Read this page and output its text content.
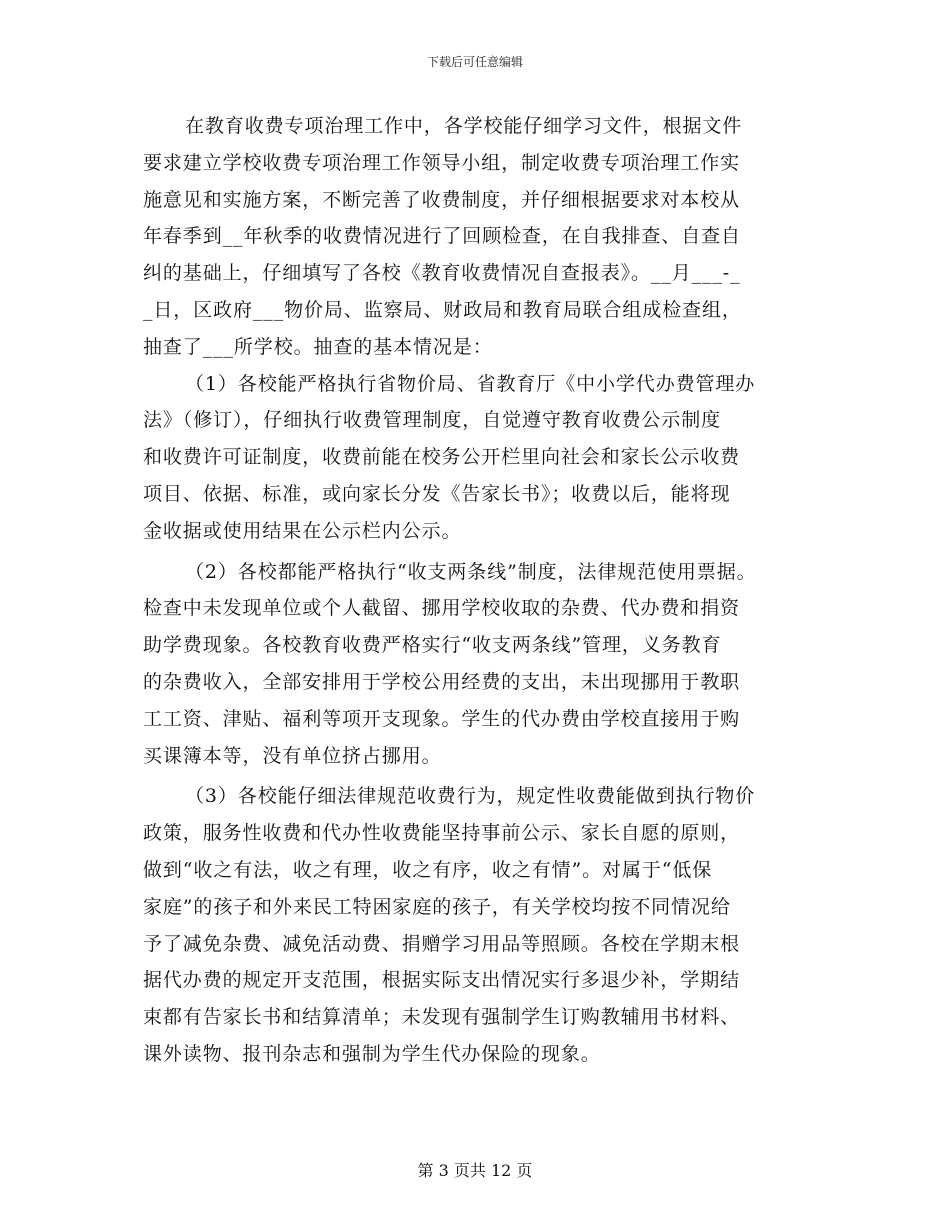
下载后可任意编辑
在教育收费专项治理工作中，各学校能仔细学习文件，根据文件
要求建立学校收费专项治理工作领导小组，制定收费专项治理工作实
施意见和实施方案，不断完善了收费制度，并仔细根据要求对本校从
年春季到__年秋季的收费情况进行了回顾检查，在自我排查、自查自
纠的基础上，仔细填写了各校《教育收费情况自查报表》。__月___-_
_日，区政府___物价局、监察局、财政局和教育局联合组成检查组，
抽查了___所学校。抽查的基本情况是：
（1）各校能严格执行省物价局、省教育厅《中小学代办费管理办
法》（修订），仔细执行收费管理制度，自觉遵守教育收费公示制度
和收费许可证制度，收费前能在校务公开栏里向社会和家长公示收费
项目、依据、标准，或向家长分发《告家长书》；收费以后，能将现
金收据或使用结果在公示栏内公示。
（2）各校都能严格执行“收支两条线”制度，法律规范使用票据。
检查中未发现单位或个人截留、挪用学校收取的杂费、代办费和捐资
助学费现象。各校教育收费严格实行“收支两条线”管理，义务教育
的杂费收入，全部安排用于学校公用经费的支出，未出现挪用于教职
工工资、津贴、福利等项开支现象。学生的代办费由学校直接用于购
买课簿本等，没有单位挤占挪用。
（3）各校能仔细法律规范收费行为，规定性收费能做到执行物价
政策，服务性收费和代办性收费能坚持事前公示、家长自愿的原则，
做到“收之有法，收之有理，收之有序，收之有情”。对属于“低保
家庭”的孩子和外来民工特困家庭的孩子，有关学校均按不同情况给
予了减免杂费、减免活动费、捐赠学习用品等照顾。各校在学期末根
据代办费的规定开支范围，根据实际支出情况实行多退少补，学期结
束都有告家长书和结算清单；未发现有强制学生订购教辅用书材料、
课外读物、报刊杂志和强制为学生代办保险的现象。
第 3 页共 12 页
